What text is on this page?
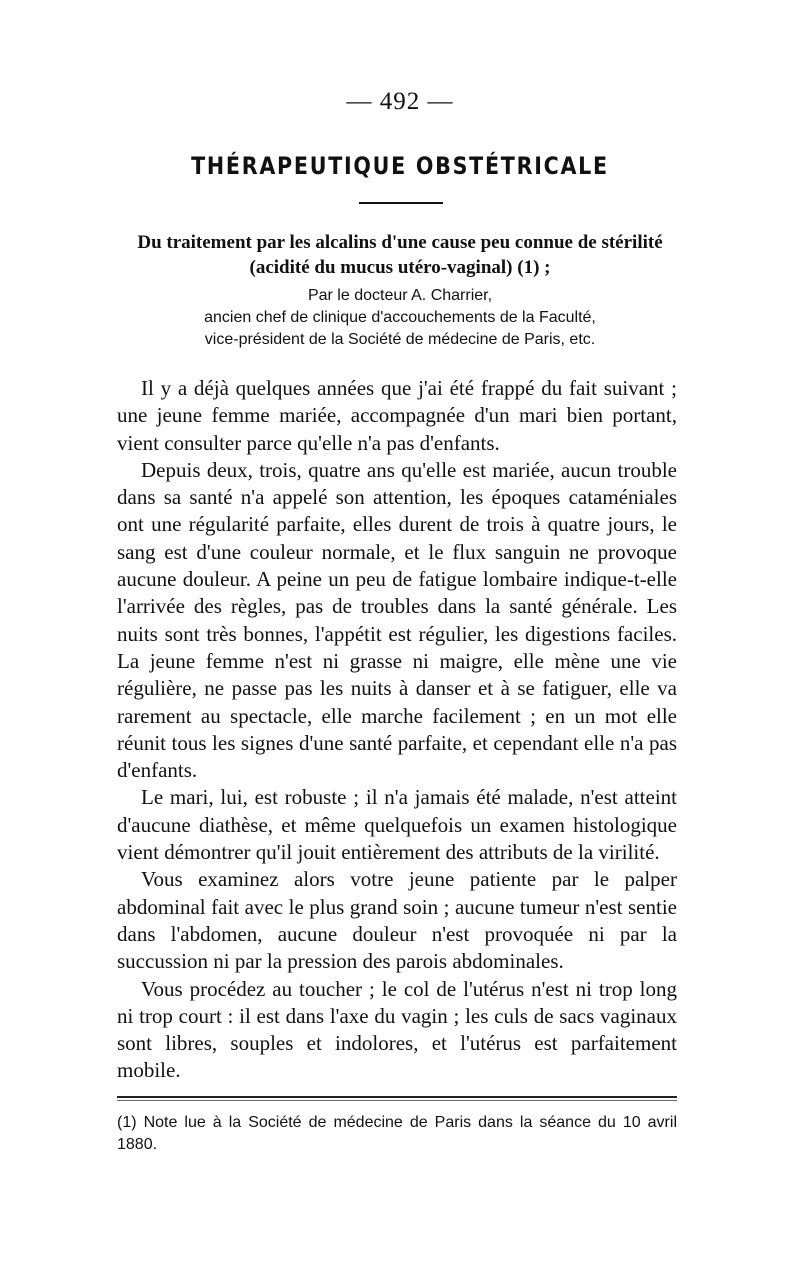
— 492 —
THÉRAPEUTIQUE OBSTÉTRICALE
Du traitement par les alcalins d'une cause peu connue de stérilité (acidité du mucus utéro-vaginal) (1) ;
Par le docteur A. Charrier,
ancien chef de clinique d'accouchements de la Faculté,
vice-président de la Société de médecine de Paris, etc.

Il y a déjà quelques années que j'ai été frappé du fait suivant ; une jeune femme mariée, accompagnée d'un mari bien portant, vient consulter parce qu'elle n'a pas d'enfants.

Depuis deux, trois, quatre ans qu'elle est mariée, aucun trouble dans sa santé n'a appelé son attention, les époques cataméniales ont une régularité parfaite, elles durent de trois à quatre jours, le sang est d'une couleur normale, et le flux sanguin ne provoque aucune douleur. A peine un peu de fatigue lombaire indique-t-elle l'arrivée des règles, pas de troubles dans la santé générale. Les nuits sont très bonnes, l'appétit est régulier, les digestions faciles. La jeune femme n'est ni grasse ni maigre, elle mène une vie régulière, ne passe pas les nuits à danser et à se fatiguer, elle va rarement au spectacle, elle marche facilement ; en un mot elle réunit tous les signes d'une santé parfaite, et cependant elle n'a pas d'enfants.

Le mari, lui, est robuste ; il n'a jamais été malade, n'est atteint d'aucune diathèse, et même quelquefois un examen histologique vient démontrer qu'il jouit entièrement des attributs de la virilité.

Vous examinez alors votre jeune patiente par le palper abdominal fait avec le plus grand soin ; aucune tumeur n'est sentie dans l'abdomen, aucune douleur n'est provoquée ni par la succussion ni par la pression des parois abdominales.

Vous procédez au toucher ; le col de l'utérus n'est ni trop long ni trop court : il est dans l'axe du vagin ; les culs de sacs vaginaux sont libres, souples et indolores, et l'utérus est parfaitement mobile.

(1) Note lue à la Société de médecine de Paris dans la séance du 10 avril 1880.
